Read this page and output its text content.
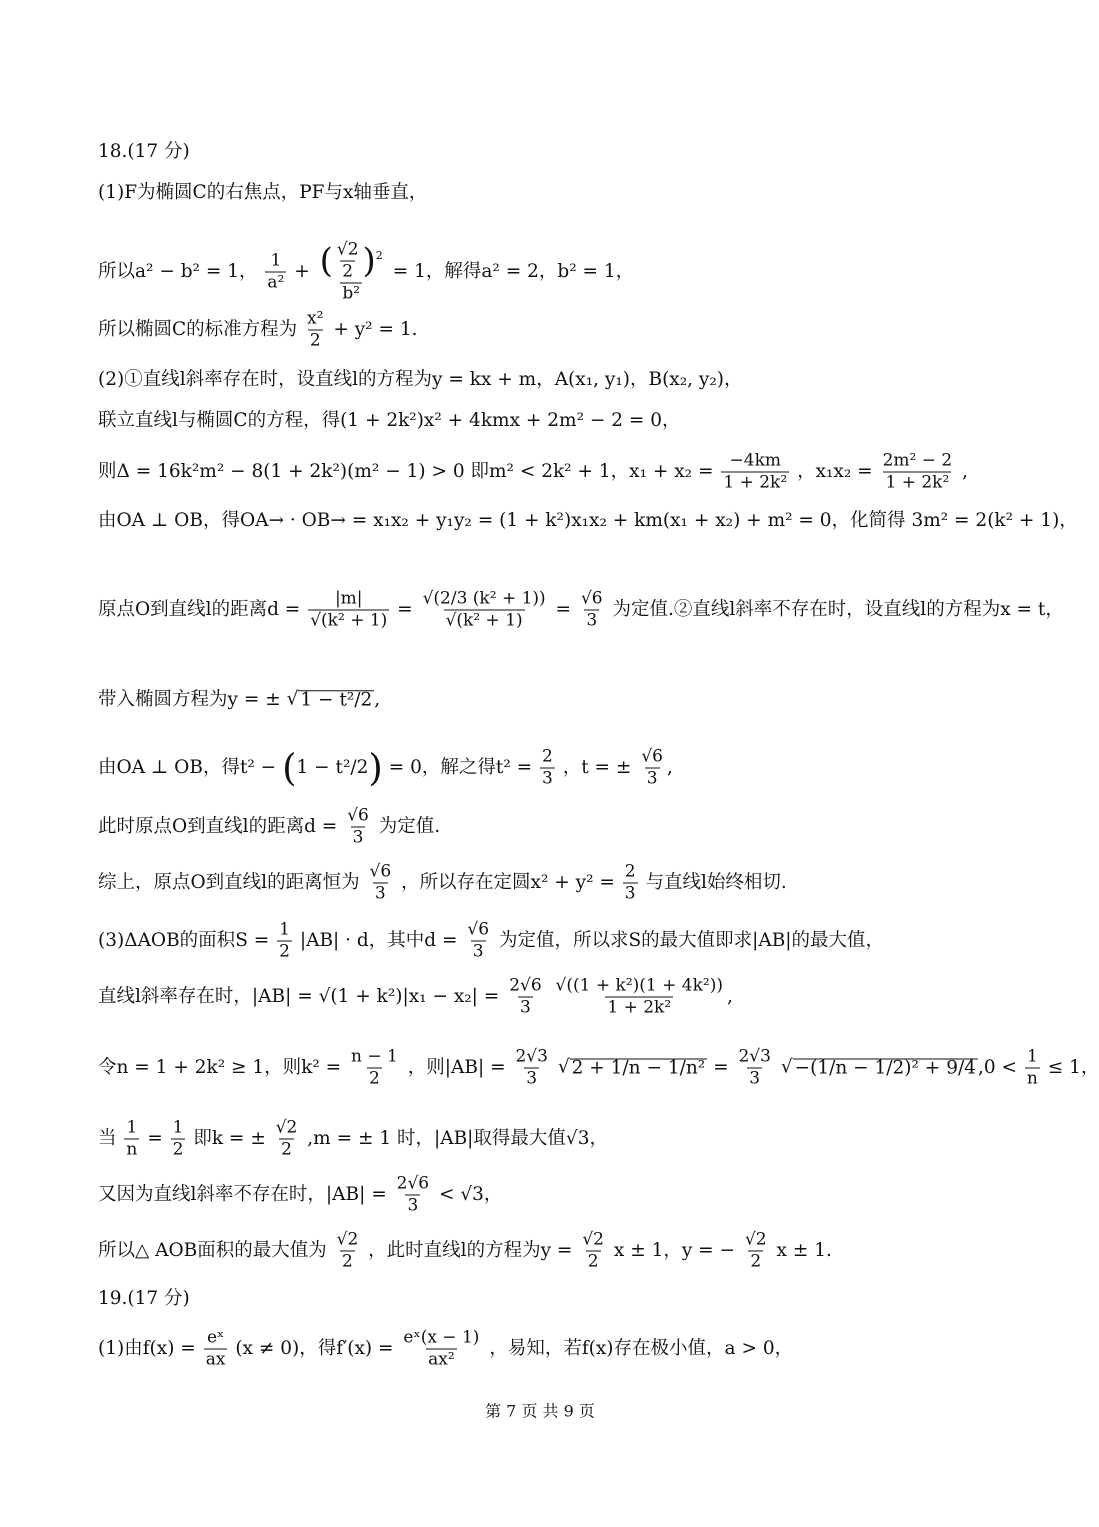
18.(17 分)
(1)F为椭圆C的右焦点，PF与x轴垂直，
所以a² − b² = 1， $\frac{1}{\text{a²}} + \frac{( \frac{√2}{2} )^2}{\text{b²}} = 1$，解得a² = 2，b² = 1，
所以椭圆C的标准方程为 $\frac{\text{x²}}{2} + y^2 = 1$.
(2)①直线l斜率存在时，设直线l的方程为y = kx + m，A(x₁, y₁)，B(x₂, y₂)，
联立直线l与椭圆C的方程，得(1 + 2k²)x² + 4kmx + 2m² − 2 = 0，
则Δ = 16k²m² − 8(1 + 2k²)(m² − 1) > 0 即m² < 2k² + 1，$x_1 + x_2 = \frac{-4km}{\text{1 + 2k²}}$ ，$x_1x_2 = \frac{\text{2m² − 2}}{\text{1 + 2k²}}$ ,
由OA ⊥ OB，得OA→ · OB→ = x₁x₂ + y₁y₂ = (1 + k²)x₁x₂ + km(x₁ + x₂) + m² = 0，化简得 3m² = 2(k² + 1)，
原点O到直线l的距离$d = \frac{|m|}{\text{√(k² + 1)}} = \frac{\text{√(2/3 (k² + 1))}}{\text{√(k² + 1)}} = \frac{√6}{3}$ 为定值.②直线l斜率不存在时，设直线l的方程为x = t，
带入椭圆方程为y = ± √ 1 − t²/2 ,
由OA ⊥ OB，得t² − (1 − t²/2) = 0，解之得$t^2 = \frac{2}{3}$ ，t = ± $\frac{√6}{3}$ ,
此时原点O到直线l的距离$d = \frac{√6}{3}$ 为定值.
综上，原点O到直线l的距离恒为 $\frac{√6}{3}$ ，所以存在定圆$x^2 + y^2 = \frac{2}{3}$ 与直线l始终相切.
(3)ΔAOB的面积$S = \frac{1}{2} |AB| \cdot d$，其中$d = \frac{√6}{3}$ 为定值，所以求S的最大值即求|AB|的最大值，
直线l斜率存在时，$|AB| = √(1 + k^2)|x_1 - x_2| = \frac{2√6}{3}$
$\frac{\text{√((1 + k²)(1 + 4k²))}}{\text{1 + 2k²}}$ ,
令n = 1 + 2k² ≥ 1，则$k^2 = \frac{n - 1}{2}$ ，则$|AB| = \frac{2√3}{3}$
√ $2 + 1/n - 1/n^2 = \frac{2√3}{3}$
√ −(1/n − 1/2)² + 9/4 $,0 < \frac{1}{n} \le 1$，
当 $\frac{1}{n} = \frac{1}{2}$ 即k = ± $\frac{√2}{2} ,m$ = ± 1 时，|AB|取得最大值√3，
又因为直线l斜率不存在时，$|AB| = \frac{2√6}{3} < √3$，
所以△ AOB面积的最大值为 $\frac{√2}{2}$ ，此时直线l的方程为$y = \frac{√2}{2}$ x ± 1，y = − $\frac{√2}{2}$ x ± 1.
19.(17 分)
(1)由$f(x) = \frac{\text{eˣ}}{ax} (x \ne 0)$，得$f'(x) = \frac{\text{eˣ(x − 1)}}{\text{ax²}}$ ，易知，若f(x)存在极小值，a > 0，
第 7 页 共 9 页
